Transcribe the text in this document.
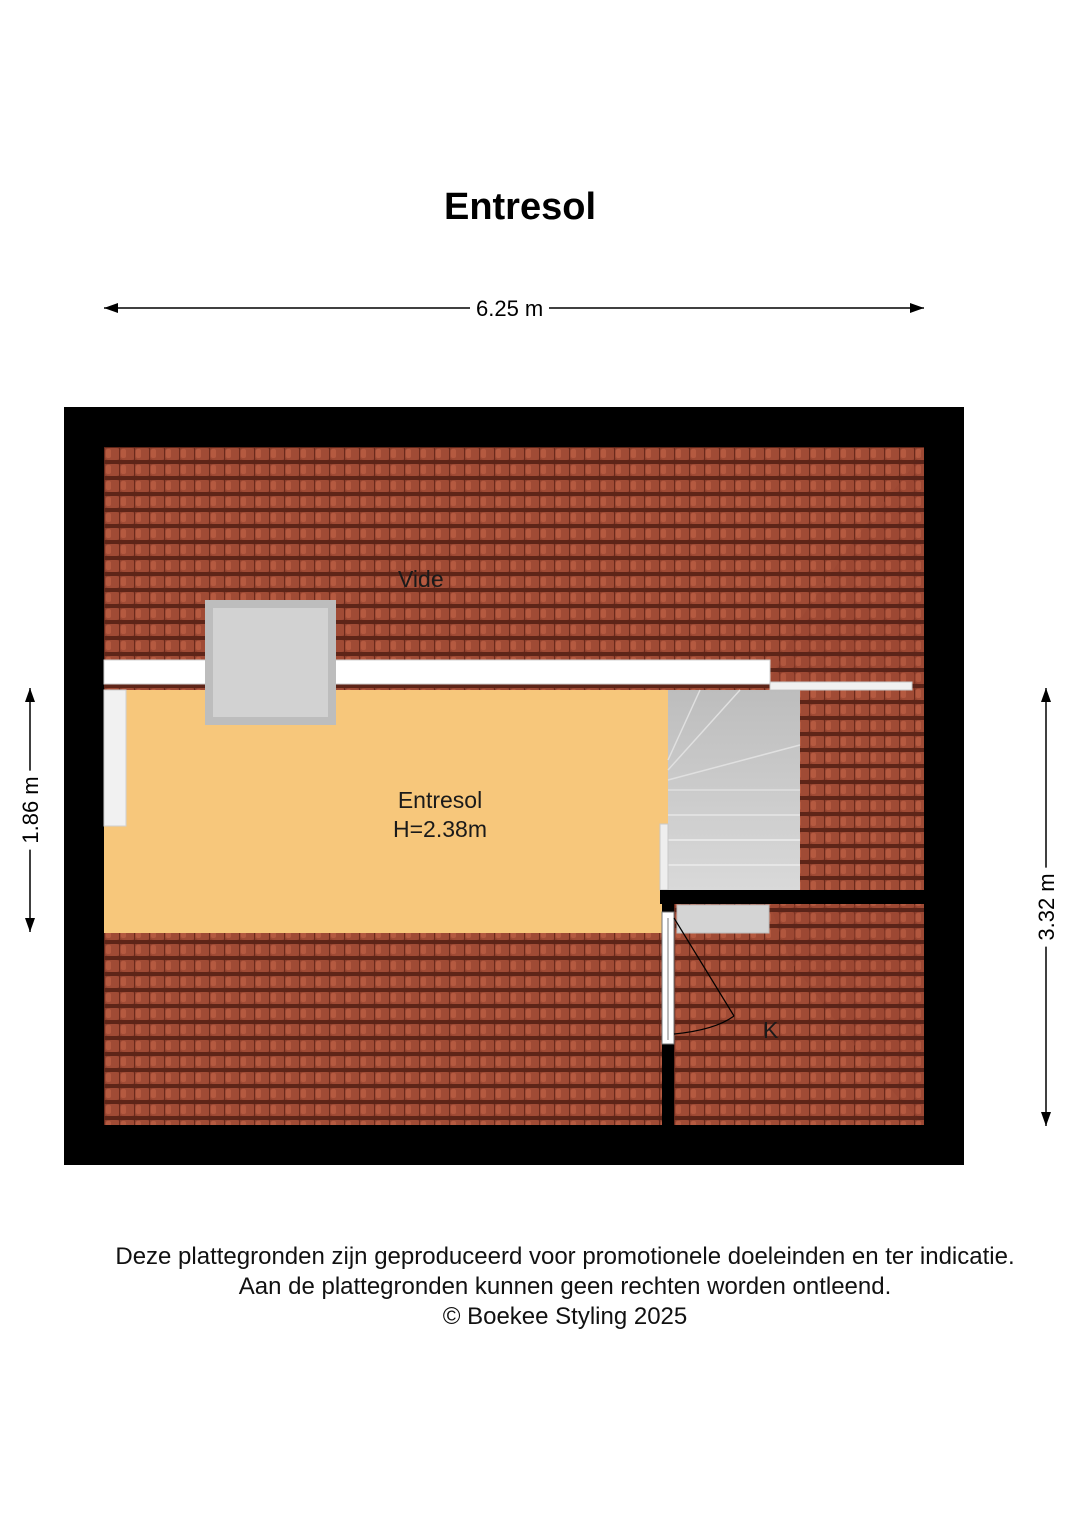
Entresol
6.25 m
1.86 m
3.32 m
Vide
Entresol
H=2.38m
K
Deze plattegronden zijn geproduceerd voor promotionele doeleinden en ter indicatie.
Aan de plattegronden kunnen geen rechten worden ontleend.
© Boekee Styling 2025
